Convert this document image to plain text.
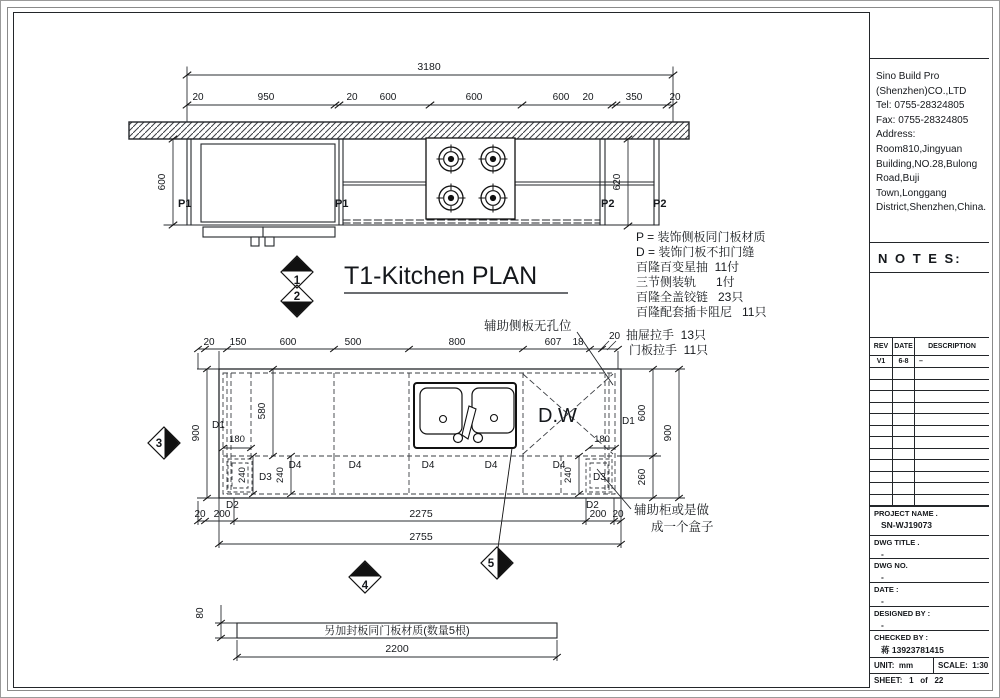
3180
20	950	20 600	600	600 20	350	20
600	620
P1	P1	P2	P2
T1-Kitchen PLAN
1
2
3
4
5
P = 装饰侧板同门板材质
D = 装饰门板不扣门缝
百隆百变星抽  11付
三节侧装轨      1付
百隆全盖铰链   23只
百隆配套插卡阻尼   11只
抽屉拉手  13只
门板拉手  11只
20
辅助侧板无孔位
辅助柜或是做
成一个盒子
D.W
20 150	600	500	800	607 18
900
580
180
240	240
D1
D3
D2
180
240
600
260
900
D1
D3
D2
D4	D4	D4	D4	D4
20 200	2275	200 20
2755
80
另加封板同门板材质(数量5根)
2200
Sino Build Pro
(Shenzhen)CO.,LTD
Tel: 0755-28324805
Fax: 0755-28324805
Address:
Room810,Jingyuan
Building,NO.28,Bulong
Road,Buji Town,Longgang
District,Shenzhen,China.
N O T E S:
REV DATE	DESCRIPTION
V1	6-8	–
PROJECT NAME .
SN-WJ19073
DWG TITLE .
-
DWG NO.
-
DATE :
-
DESIGNED BY :
-
CHECKED BY :
蒋 13923781415
UNIT:  mm	SCALE:  1:30
SHEET:   1   of   22
